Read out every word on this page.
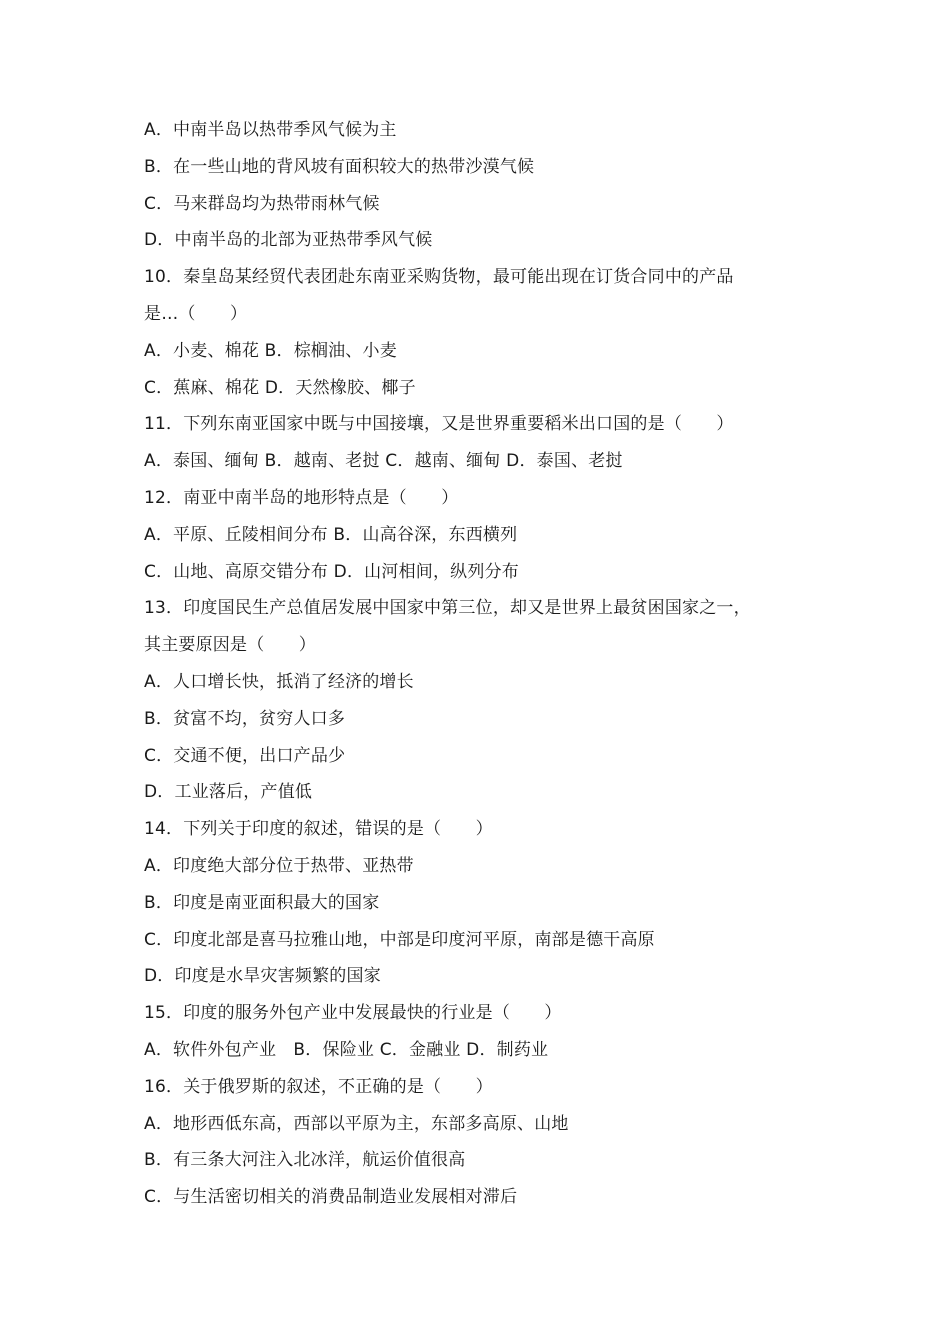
A．中南半岛以热带季风气候为主
B．在一些山地的背风坡有面积较大的热带沙漠气候
C．马来群岛均为热带雨林气候
D．中南半岛的北部为亚热带季风气候
10．秦皇岛某经贸代表团赴东南亚采购货物，最可能出现在订货合同中的产品
是…（　　）
A．小麦、棉花 B．棕榈油、小麦
C．蕉麻、棉花 D．天然橡胶、椰子
11．下列东南亚国家中既与中国接壤，又是世界重要稻米出口国的是（　　）
A．泰国、缅甸 B．越南、老挝 C．越南、缅甸 D．泰国、老挝
12．南亚中南半岛的地形特点是（　　）
A．平原、丘陵相间分布 B．山高谷深，东西横列
C．山地、高原交错分布 D．山河相间，纵列分布
13．印度国民生产总值居发展中国家中第三位，却又是世界上最贫困国家之一，
其主要原因是（　　）
A．人口增长快，抵消了经济的增长
B．贫富不均，贫穷人口多
C．交通不便，出口产品少
D．工业落后，产值低
14．下列关于印度的叙述，错误的是（　　）
A．印度绝大部分位于热带、亚热带
B．印度是南亚面积最大的国家
C．印度北部是喜马拉雅山地，中部是印度河平原，南部是德干高原
D．印度是水旱灾害频繁的国家
15．印度的服务外包产业中发展最快的行业是（　　）
A．软件外包产业　B．保险业 C．金融业 D．制药业
16．关于俄罗斯的叙述，不正确的是（　　）
A．地形西低东高，西部以平原为主，东部多高原、山地
B．有三条大河注入北冰洋，航运价值很高
C．与生活密切相关的消费品制造业发展相对滞后
